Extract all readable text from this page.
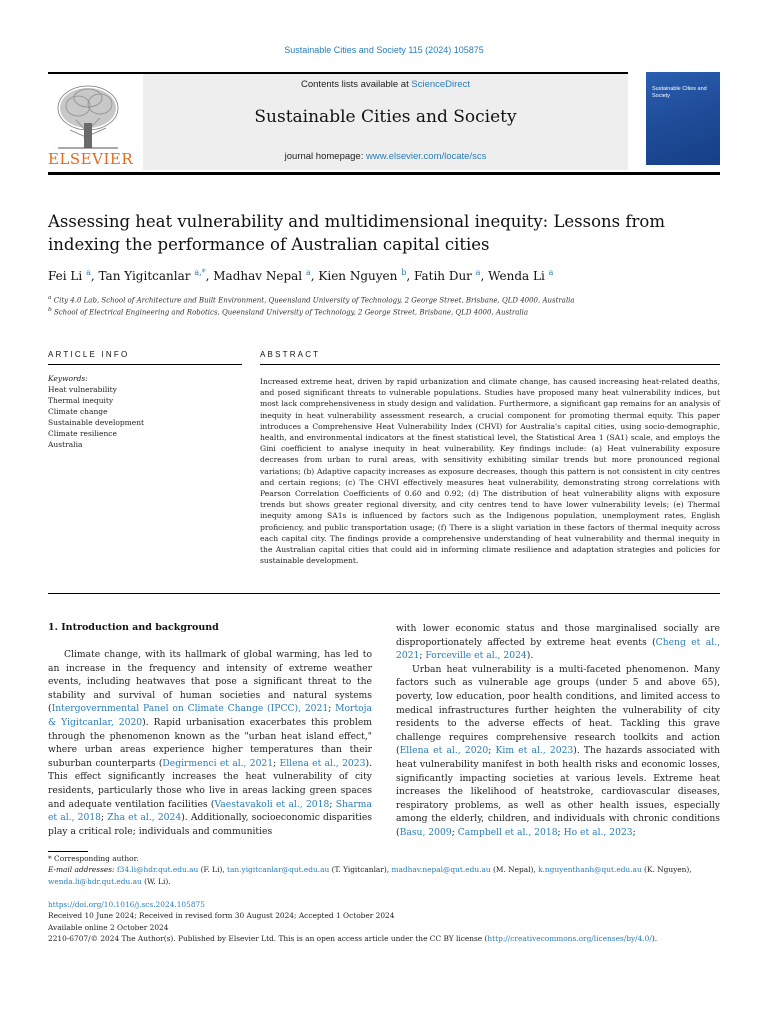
Sustainable Cities and Society 115 (2024) 105875
ELSEVIER
Contents lists available at ScienceDirect
Sustainable Cities and Society
journal homepage: www.elsevier.com/locate/scs
Sustainable Cities and Society
Assessing heat vulnerability and multidimensional inequity: Lessons from
indexing the performance of Australian capital cities
Fei Li $^a$, Tan Yigitcanlar $^{a,*}$, Madhav Nepal $^a$, Kien Nguyen $^b$, Fatih Dur $^a$, Wenda Li $^a$
$^a$ City 4.0 Lab, School of Architecture and Built Environment, Queensland University of Technology, 2 George Street, Brisbane, QLD 4000, Australia
$^b$ School of Electrical Engineering and Robotics, Queensland University of Technology, 2 George Street, Brisbane, QLD 4000, Australia
ARTICLE INFO	ABSTRACT
Keywords:
Heat vulnerability
Thermal inequity
Climate change
Sustainable development
Climate resilience
Australia
Increased extreme heat, driven by rapid urbanization and climate change, has caused increasing heat-related deaths, and posed significant threats to vulnerable populations. Studies have proposed many heat vulnerability indices, but most lack comprehensiveness in study design and validation. Furthermore, a significant gap remains for an analysis of inequity in heat vulnerability assessment research, a crucial component for promoting thermal equity. This paper introduces a Comprehensive Heat Vulnerability Index (CHVI) for Australia's capital cities, using socio-demographic, health, and environmental indicators at the finest statistical level, the Statistical Area 1 (SA1) scale, and employs the Gini coefficient to analyse inequity in heat vulnerability. Key findings include: (a) Heat vulnerability exposure decreases from urban to rural areas, with sensitivity exhibiting similar trends but more pronounced regional variations; (b) Adaptive capacity increases as exposure decreases, though this pattern is not consistent in city centres and certain regions; (c) The CHVI effectively measures heat vulnerability, demonstrating strong correlations with Pearson Correlation Coefficients of 0.60 and 0.92; (d) The distribution of heat vulnerability aligns with exposure trends but shows greater regional diversity, and city centres tend to have lower vulnerability levels; (e) Thermal inequity among SA1s is influenced by factors such as the Indigenous population, unemployment rates, English proficiency, and public transportation usage; (f) There is a slight variation in these factors of thermal inequity across each capital city. The findings provide a comprehensive understanding of heat vulnerability and thermal inequity in the Australian capital cities that could aid in informing climate resilience and adaptation strategies and policies for sustainable development.
1. Introduction and background

Climate change, with its hallmark of global warming, has led to an increase in the frequency and intensity of extreme weather events, including heatwaves that pose a significant threat to the stability and survival of human societies and natural systems (Intergovernmental Panel on Climate Change (IPCC), 2021; Mortoja & Yigitcanlar, 2020). Rapid urbanisation exacerbates this problem through the phenomenon known as the "urban heat island effect," where urban areas experience higher temperatures than their suburban counterparts (Degirmenci et al., 2021; Ellena et al., 2023). This effect significantly increases the heat vulnerability of city residents, particularly those who live in areas lacking green spaces and adequate ventilation facilities (Vaestavakoli et al., 2018; Sharma et al., 2018; Zha et al., 2024). Additionally, socioeconomic disparities play a critical role; individuals and communities

with lower economic status and those marginalised socially are disproportionately affected by extreme heat events (Cheng et al., 2021; Forceville et al., 2024).

Urban heat vulnerability is a multi-faceted phenomenon. Many factors such as vulnerable age groups (under 5 and above 65), poverty, low education, poor health conditions, and limited access to medical infrastructures further heighten the vulnerability of city residents to the adverse effects of heat. Tackling this grave challenge requires comprehensive research toolkits and action (Ellena et al., 2020; Kim et al., 2023). The hazards associated with heat vulnerability manifest in both health risks and economic losses, significantly impacting societies at various levels. Extreme heat increases the likelihood of heatstroke, cardiovascular diseases, respiratory problems, as well as other health issues, especially among the elderly, children, and individuals with chronic conditions (Basu, 2009; Campbell et al., 2018; Ho et al., 2023;

* Corresponding author.
E-mail addresses: f34.li@hdr.qut.edu.au (F. Li), tan.yigitcanlar@qut.edu.au (T. Yigitcanlar), madhav.nepal@qut.edu.au (M. Nepal), k.nguyenthanh@qut.edu.au (K. Nguyen), wenda.li@hdr.qut.edu.au (W. Li).
https://doi.org/10.1016/j.scs.2024.105875
Received 10 June 2024; Received in revised form 30 August 2024; Accepted 1 October 2024
Available online 2 October 2024
2210-6707/© 2024 The Author(s). Published by Elsevier Ltd. This is an open access article under the CC BY license (http://creativecommons.org/licenses/by/4.0/).
